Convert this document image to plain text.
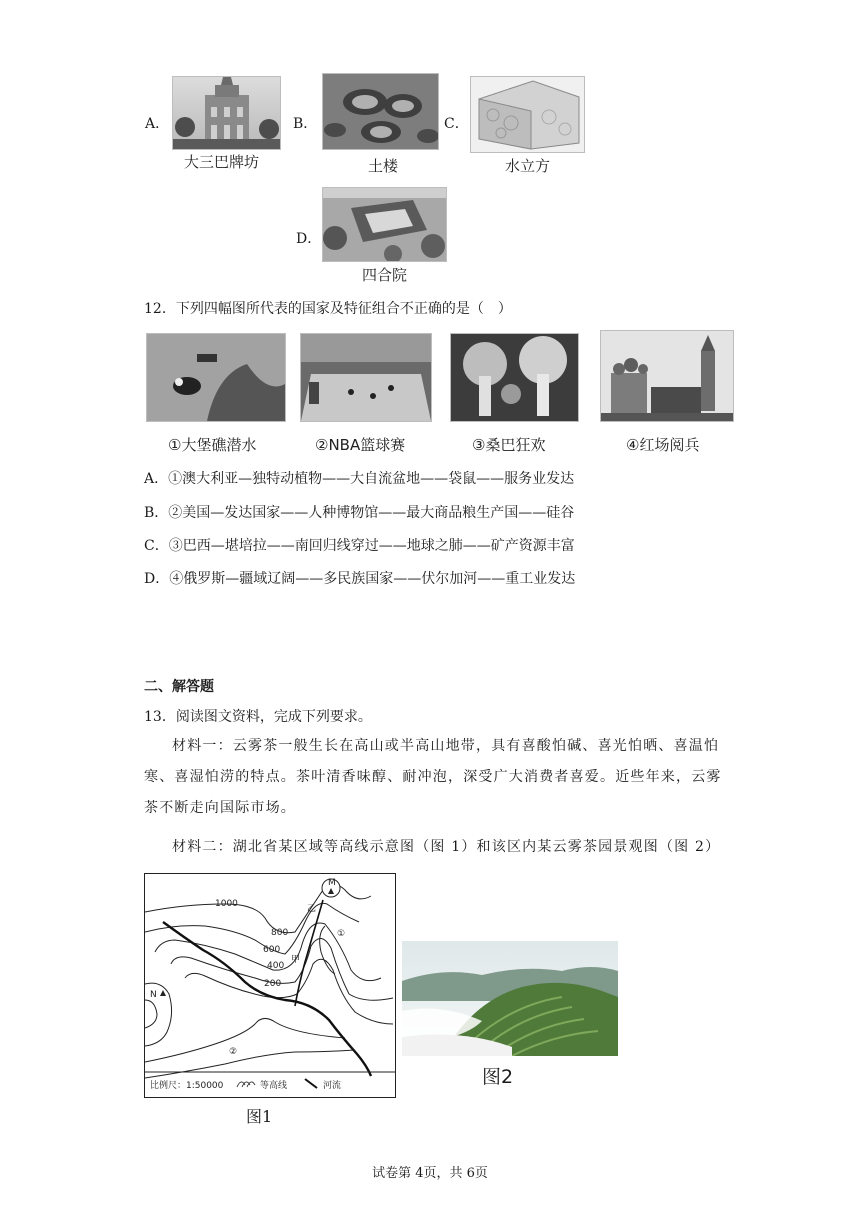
A．
大三巴牌坊
B．
土楼
C．
水立方
D．
四合院
12．下列四幅图所代表的国家及特征组合不正确的是（　）
①大堡礁潜水	②NBA篮球赛	③桑巴狂欢	④红场阅兵
A．①澳大利亚—独特动植物——大自流盆地——袋鼠——服务业发达
B．②美国—发达国家——人种博物馆——最大商品粮生产国——硅谷
C．③巴西—堪培拉——南回归线穿过——地球之肺——矿产资源丰富
D．④俄罗斯—疆域辽阔——多民族国家——伏尔加河——重工业发达
二、解答题
13．阅读图文资料，完成下列要求。
材料一：云雾茶一般生长在高山或半高山地带，具有喜酸怕碱、喜光怕晒、喜温怕寒、喜湿怕涝的特点。茶叶清香味醇、耐冲泡，深受广大消费者喜爱。近些年来，云雾茶不断走向国际市场。
材料二：湖北省某区域等高线示意图（图 1）和该区内某云雾茶园景观图（图 2）
M
N
1000
800
600
400
200
甲
乙
①
②
比例尺：1:50000	等高线	河流
图1
图2
试卷第 4页，共 6页
